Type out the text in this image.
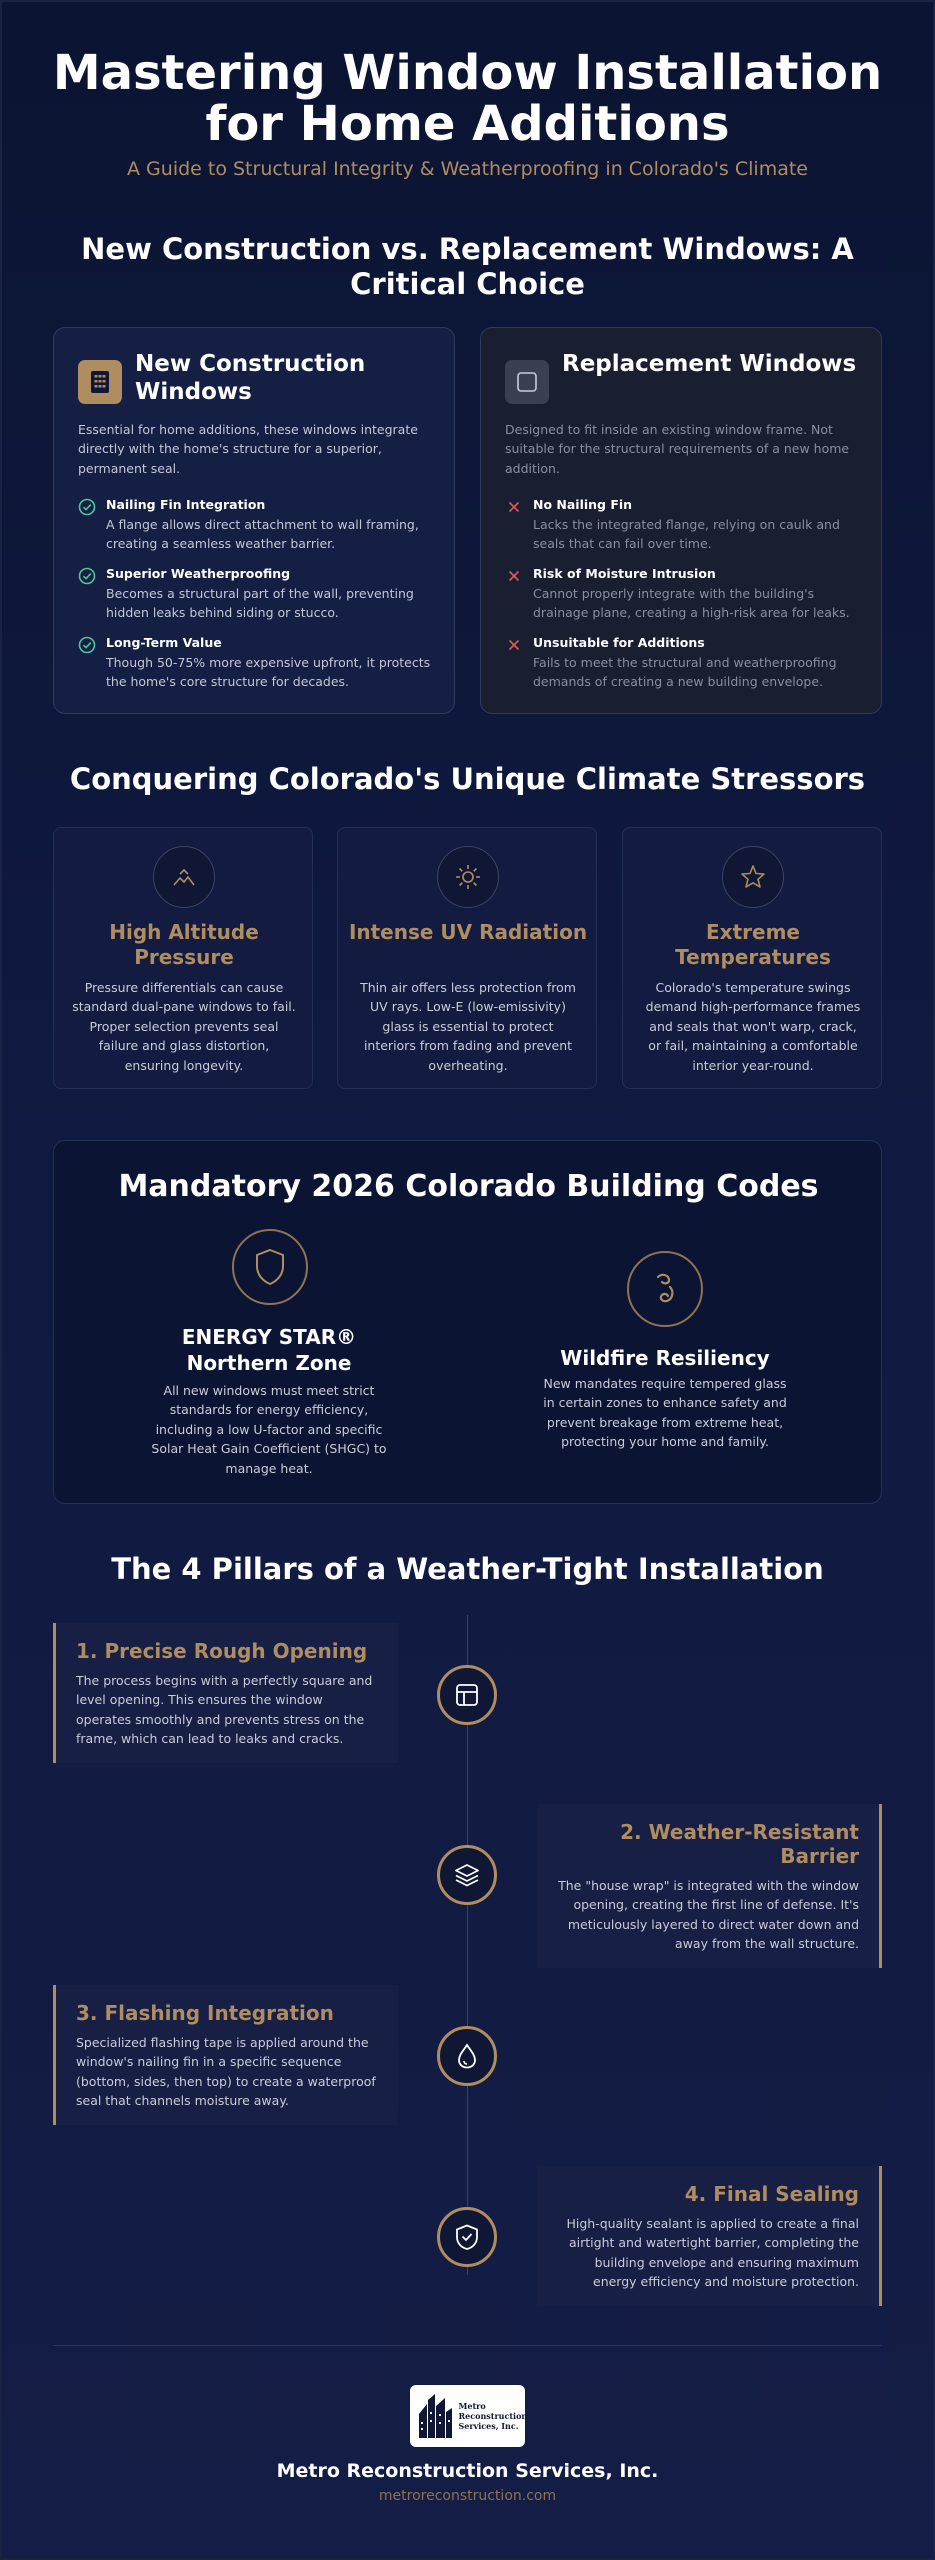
Mastering Window Installation for Home Additions
A Guide to Structural Integrity & Weatherproofing in Colorado's Climate
New Construction vs. Replacement Windows: A Critical Choice
New Construction Windows
Essential for home additions, these windows integrate directly with the home's structure for a superior, permanent seal.
Nailing Fin Integration
A flange allows direct attachment to wall framing, creating a seamless weather barrier.
Superior Weatherproofing
Becomes a structural part of the wall, preventing hidden leaks behind siding or stucco.
Long-Term Value
Though 50-75% more expensive upfront, it protects the home's core structure for decades.
Replacement Windows
Designed to fit inside an existing window frame. Not suitable for the structural requirements of a new home addition.
No Nailing Fin
Lacks the integrated flange, relying on caulk and seals that can fail over time.
Risk of Moisture Intrusion
Cannot properly integrate with the building's drainage plane, creating a high-risk area for leaks.
Unsuitable for Additions
Fails to meet the structural and weatherproofing demands of creating a new building envelope.
Conquering Colorado's Unique Climate Stressors
High Altitude Pressure
Pressure differentials can cause standard dual-pane windows to fail. Proper selection prevents seal failure and glass distortion, ensuring longevity.
Intense UV Radiation
Thin air offers less protection from UV rays. Low-E (low-emissivity) glass is essential to protect interiors from fading and prevent overheating.
Extreme Temperatures
Colorado's temperature swings demand high-performance frames and seals that won't warp, crack, or fail, maintaining a comfortable interior year-round.
Mandatory 2026 Colorado Building Codes
ENERGY STAR® Northern Zone
All new windows must meet strict standards for energy efficiency, including a low U-factor and specific Solar Heat Gain Coefficient (SHGC) to manage heat.
Wildfire Resiliency
New mandates require tempered glass in certain zones to enhance safety and prevent breakage from extreme heat, protecting your home and family.
The 4 Pillars of a Weather-Tight Installation
1. Precise Rough Opening
The process begins with a perfectly square and level opening. This ensures the window operates smoothly and prevents stress on the frame, which can lead to leaks and cracks.
2. Weather-Resistant Barrier
The "house wrap" is integrated with the window opening, creating the first line of defense. It's meticulously layered to direct water down and away from the wall structure.
3. Flashing Integration
Specialized flashing tape is applied around the window's nailing fin in a specific sequence (bottom, sides, then top) to create a waterproof seal that channels moisture away.
4. Final Sealing
High-quality sealant is applied to create a final airtight and watertight barrier, completing the building envelope and ensuring maximum energy efficiency and moisture protection.
Metro Reconstruction Services, Inc.
Metro Reconstruction Services, Inc.
metroreconstruction.com
